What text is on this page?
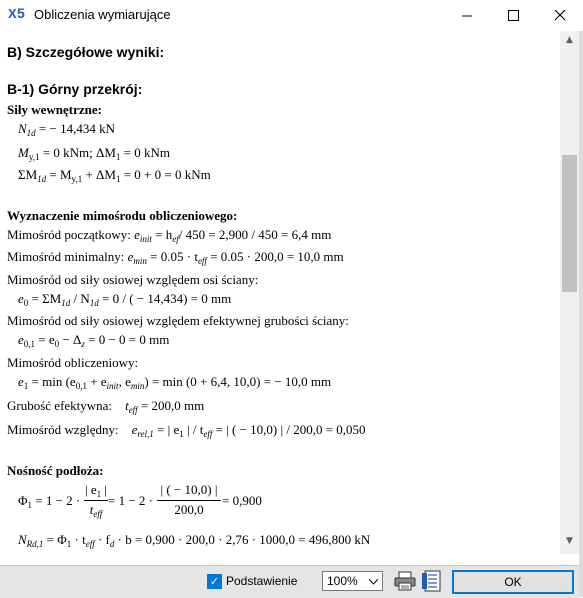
X 5 Obliczenia wymiarujące
B) Szczegółowe wyniki:
B-1) Górny przekrój:
Siły wewnętrzne:
$N_{1d}$ = − 14,434 kN
$M_{y,1} = 0$ kNm; $\Delta M_1 = 0$ kNm
$\Sigma M_{1d} = M_{y,1} + \Delta M_1 = 0 + 0 = 0$ kNm
Wyznaczenie mimośrodu obliczeniowego:
Mimośród początkowy: $e_{init} = h_{ef}/$ 450 = 2,900 / 450 = 6,4 mm
Mimośród minimalny: $e_{min} = 0.05 \cdot t_{eff} = 0.05 \cdot 200,0 = 10,0$ mm
Mimośród od siły osiowej względem osi ściany:
$e_0 = \Sigma M_{1d} / N_{1d} = 0$ / ( − 14,434) = 0 mm
Mimośród od siły osiowej względem efektywnej grubości ściany:
$e_{0,1} = e_0 - \Delta_z = 0 - 0 = 0$ mm
Mimośród obliczeniowy:
$e_1 = \min (e_{0,1} + e_{init}$, $e_{min}) = \min (0 + 6,4$, 10,0) = − 10,0 mm
Grubość efektywna: $t_{eff} = 200,0$ mm
Mimośród względny: $e_{rel,1}$ = | $e_1$ | / $t_{eff}$ = | ( − 10,0) | / 200,0 = 0,050
Nośność podłoża:
$\Phi_1 = 1 - 2$ ·
| $e_1$ |
$t_{eff}$
= 1 − 2 ·
| ( − 10,0) |
200,0
= 0,900
$N_{Rd,1} = \Phi_1 \cdot t_{eff} \cdot f_d \cdot b = 0,900 \cdot 200,0 \cdot 2,76 \cdot 1000,0 = 496,800$ kN
▲
▼
✓ Podstawienie 100%	OK
